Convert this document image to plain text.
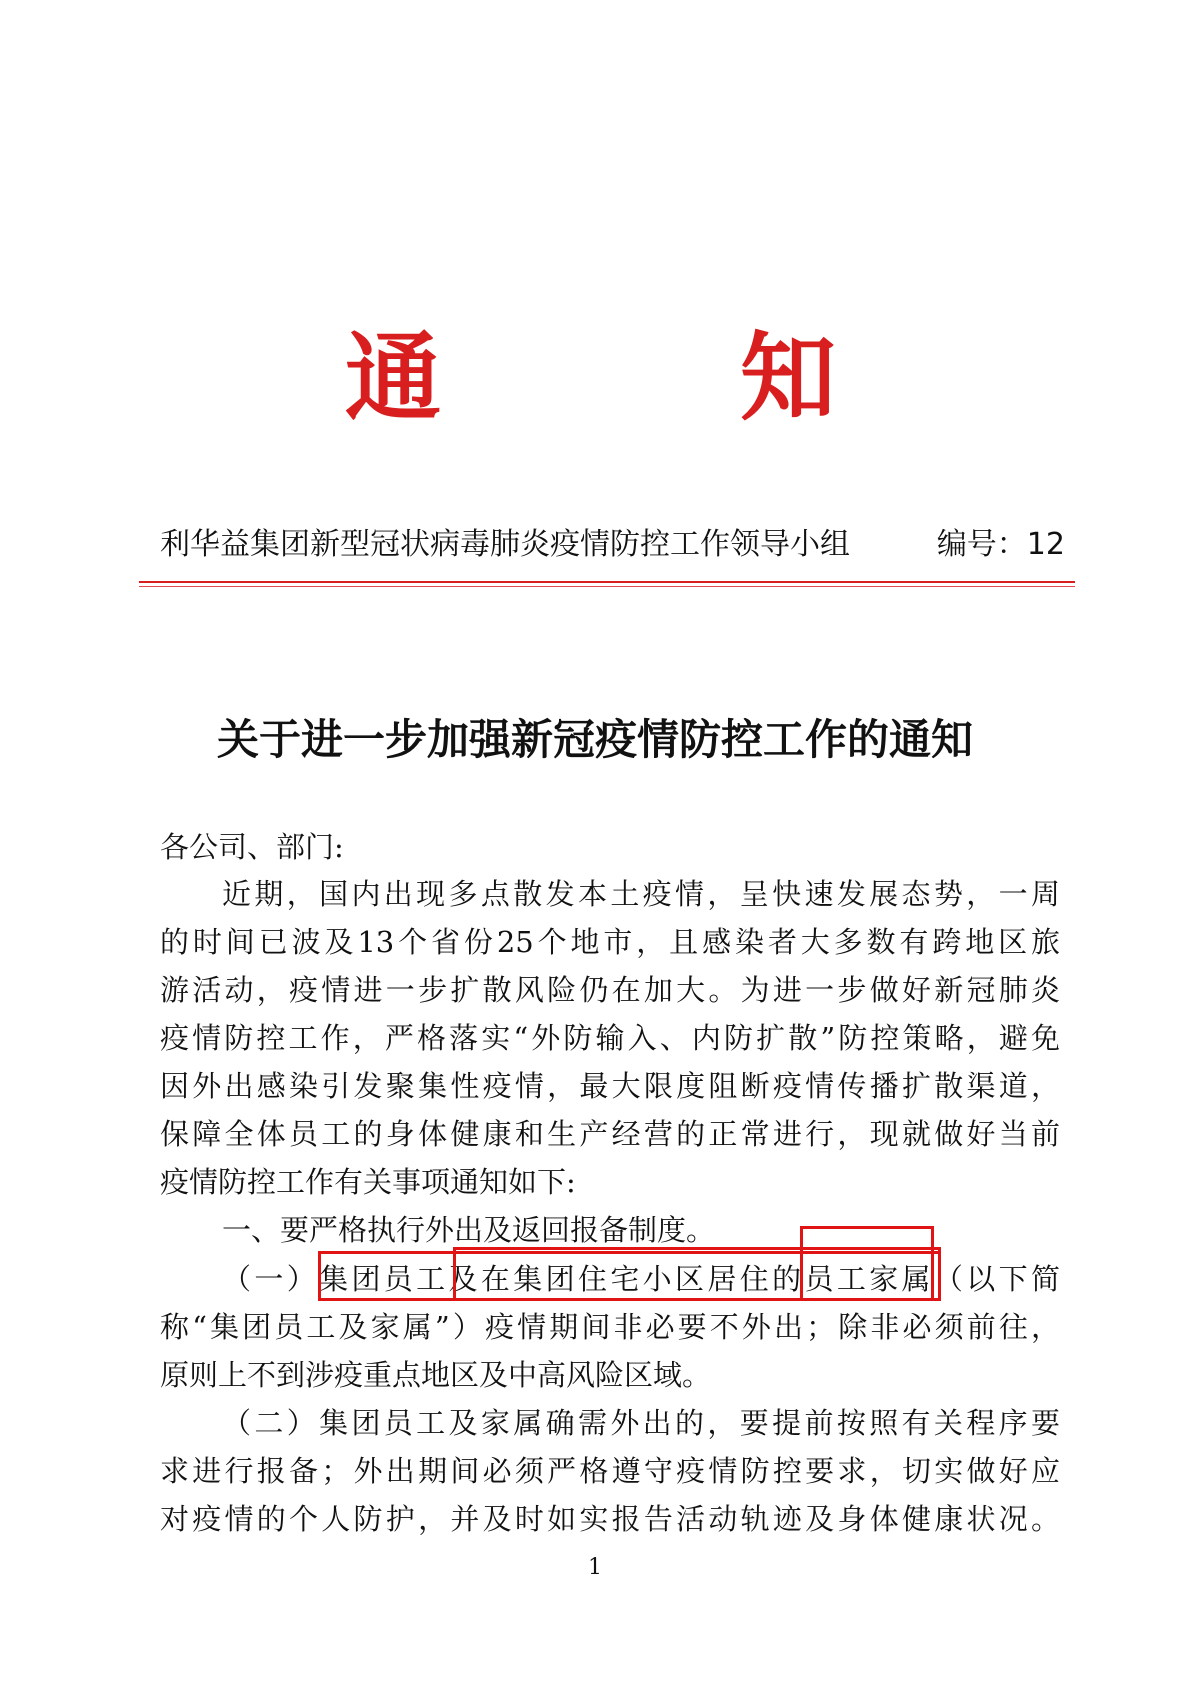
通	知
利华益集团新型冠状病毒肺炎疫情防控工作领导小组	编号：12
关于进一步加强新冠疫情防控工作的通知
各公司、部门:
近期，国内出现多点散发本土疫情，呈快速发展态势，一周
的时间已波及13个省份25个地市，且感染者大多数有跨地区旅
游活动，疫情进一步扩散风险仍在加大。为进一步做好新冠肺炎
疫情防控工作，严格落实“外防输入、内防扩散”防控策略，避免
因外出感染引发聚集性疫情，最大限度阻断疫情传播扩散渠道，
保障全体员工的身体健康和生产经营的正常进行，现就做好当前
疫情防控工作有关事项通知如下:
一、要严格执行外出及返回报备制度。
（一）集团员工及在集团住宅小区居住的员工家属（以下简
称“集团员工及家属”）疫情期间非必要不外出；除非必须前往，
原则上不到涉疫重点地区及中高风险区域。
（二）集团员工及家属确需外出的，要提前按照有关程序要
求进行报备；外出期间必须严格遵守疫情防控要求，切实做好应
对疫情的个人防护，并及时如实报告活动轨迹及身体健康状况。
1
